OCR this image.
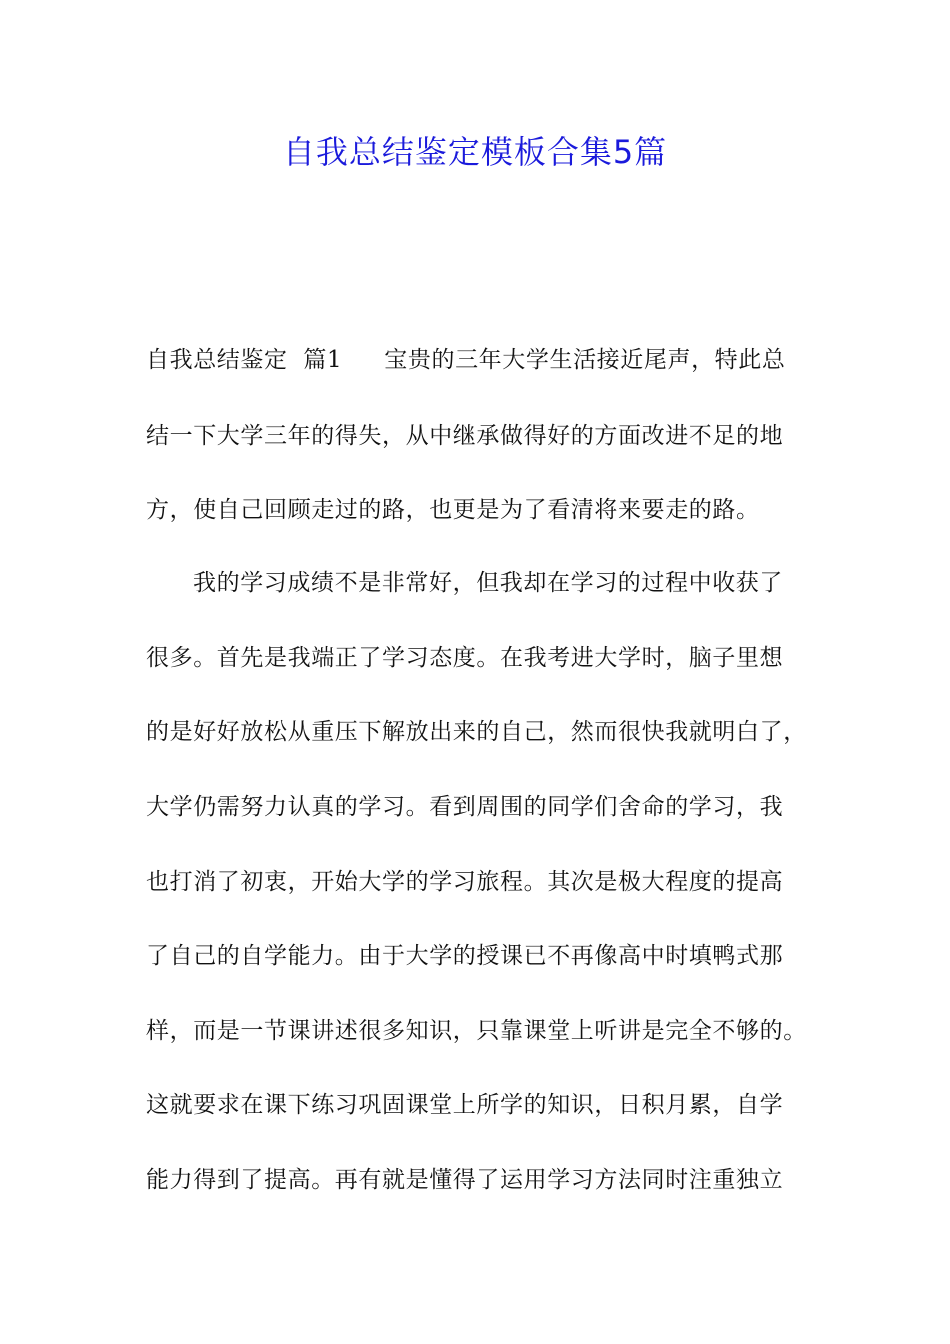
自我总结鉴定模板合集5篇
自我总结鉴定  篇1 宝贵的三年大学生活接近尾声，特此总
结一下大学三年的得失，从中继承做得好的方面改进不足的地
方，使自己回顾走过的路，也更是为了看清将来要走的路。
我的学习成绩不是非常好，但我却在学习的过程中收获了
很多。首先是我端正了学习态度。在我考进大学时，脑子里想
的是好好放松从重压下解放出来的自己，然而很快我就明白了，
大学仍需努力认真的学习。看到周围的同学们舍命的学习，我
也打消了初衷，开始大学的学习旅程。其次是极大程度的提高
了自己的自学能力。由于大学的授课已不再像高中时填鸭式那
样，而是一节课讲述很多知识，只靠课堂上听讲是完全不够的。
这就要求在课下练习巩固课堂上所学的知识，日积月累，自学
能力得到了提高。再有就是懂得了运用学习方法同时注重独立
